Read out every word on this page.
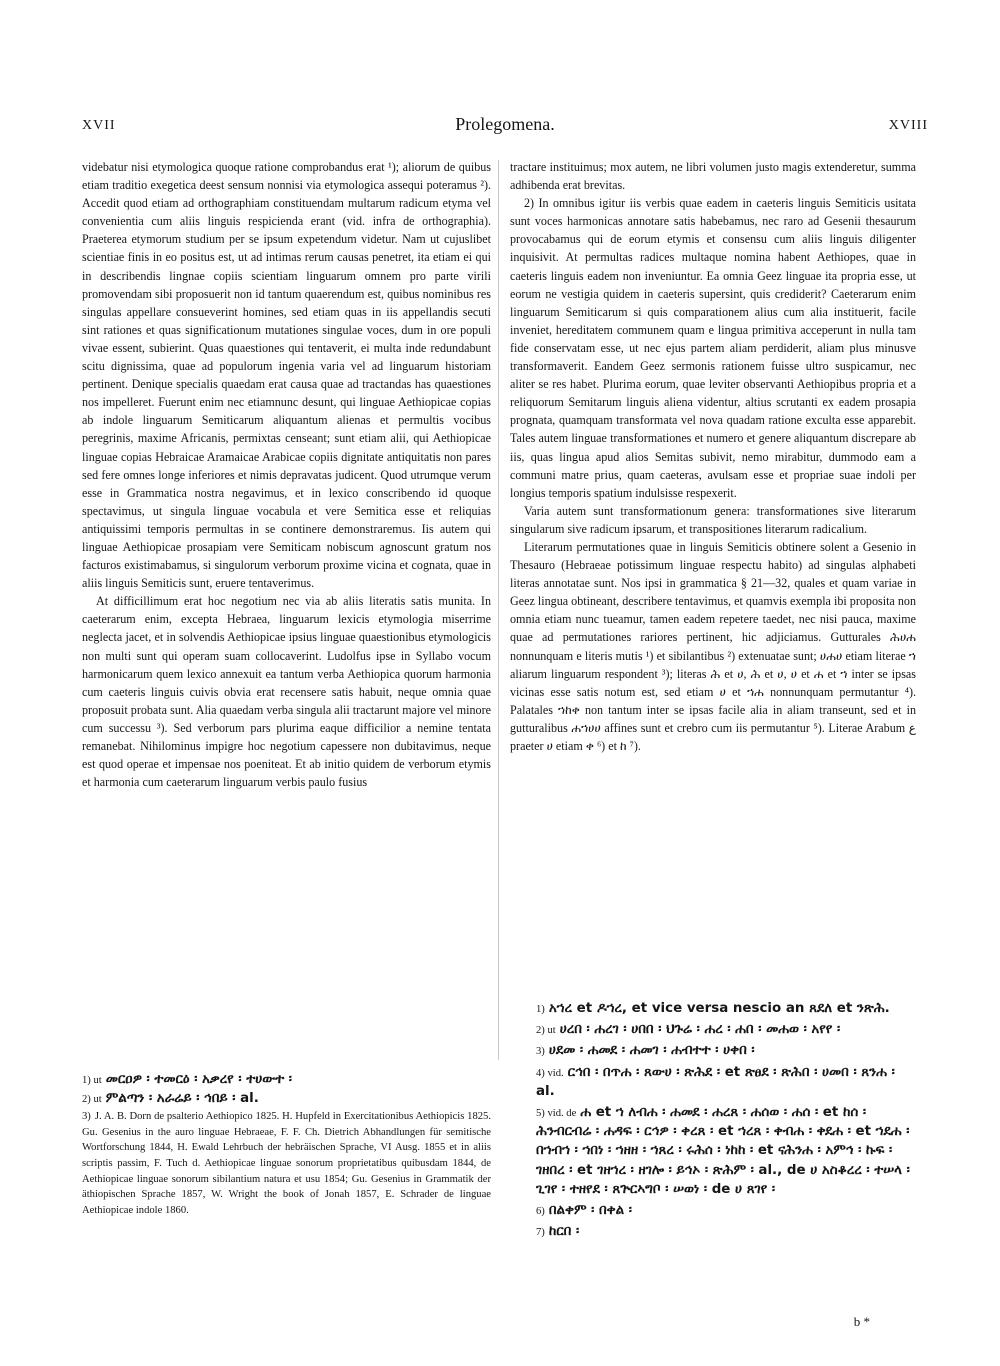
XVII	Prolegomena.	XVIII

videbatur nisi etymologica quoque ratione comprobandus erat ¹); aliorum de quibus etiam traditio exegetica deest sensum nonnisi via etymologica assequi poteramus ²). Accedit quod etiam ad orthographiam constituendam multarum radicum etyma vel convenientia cum aliis linguis respicienda erant (vid. infra de orthographia). Praeterea etymorum studium per se ipsum expetendum videtur. Nam ut cujuslibet scientiae finis in eo positus est, ut ad intimas rerum causas penetret, ita etiam ei qui in describendis lingnae copiis scientiam linguarum omnem pro parte virili promovendam sibi proposuerit non id tantum quaerendum est, quibus nominibus res singulas appellare consueverint homines, sed etiam quas in iis appellandis secuti sint rationes et quas significationum mutationes singulae voces, dum in ore populi vivae essent, subierint. Quas quaestiones qui tentaverit, ei multa inde redundabunt scitu dignissima, quae ad populorum ingenia varia vel ad linguarum historiam pertinent. Denique specialis quaedam erat causa quae ad tractandas has quaestiones nos impelleret. Fuerunt enim nec etiamnunc desunt, qui linguae Aethiopicae copias ab indole linguarum Semiticarum aliquantum alienas et permultis vocibus peregrinis, maxime Africanis, permixtas censeant; sunt etiam alii, qui Aethiopicae linguae copias Hebraicae Aramaicae Arabicae copiis dignitate antiquitatis non pares sed fere omnes longe inferiores et nimis depravatas judicent. Quod utrumque verum esse in Grammatica nostra negavimus, et in lexico conscribendo id quoque spectavimus, ut singula linguae vocabula et vere Semitica esse et reliquias antiquissimi temporis permultas in se continere demonstraremus. Iis autem qui linguae Aethiopicae prosapiam vere Semiticam nobiscum agnoscunt gratum nos facturos existimabamus, si singulorum verborum proxime vicina et cognata, quae in aliis linguis Semiticis sunt, eruere tentaverimus.

At difficillimum erat hoc negotium nec via ab aliis literatis satis munita. In caeterarum enim, excepta Hebraea, linguarum lexicis etymologia miserrime neglecta jacet, et in solvendis Aethiopicae ipsius linguae quaestionibus etymologicis non multi sunt qui operam suam collocaverint. Ludolfus ipse in Syllabo vocum harmonicarum quem lexico annexuit ea tantum verba Aethiopica quorum harmonia cum caeteris linguis cuivis obvia erat recensere satis habuit, neque omnia quae proposuit probata sunt. Alia quaedam verba singula alii tractarunt majore vel minore cum successu ³). Sed verborum pars plurima eaque difficilior a nemine tentata remanebat. Nihilominus impigre hoc negotium capessere non dubitavimus, neque est quod operae et impensae nos poeniteat. Et ab initio quidem de verborum etymis et harmonia cum caeterarum linguarum verbis paulo fusius

tractare instituimus; mox autem, ne libri volumen justo magis extenderetur, summa adhibenda erat brevitas.

2) In omnibus igitur iis verbis quae eadem in caeteris linguis Semiticis usitata sunt voces harmonicas annotare satis habebamus, nec raro ad Gesenii thesaurum provocabamus qui de eorum etymis et consensu cum aliis linguis diligenter inquisivit. At permultas radices multaque nomina habent Aethiopes, quae in caeteris linguis eadem non inveniuntur. Ea omnia Geez linguae ita propria esse, ut eorum ne vestigia quidem in caeteris supersint, quis crediderit? Caeterarum enim linguarum Semiticarum si quis comparationem alius cum alia instituerit, facile inveniet, hereditatem communem quam e lingua primitiva acceperunt in nulla tam fide conservatam esse, ut nec ejus partem aliam perdiderit, aliam plus minusve transformaverit. Eandem Geez sermonis rationem fuisse ultro suspicamur, nec aliter se res habet. Plurima eorum, quae leviter observanti Aethiopibus propria et a reliquorum Semitarum linguis aliena videntur, altius scrutanti ex eadem prosapia prognata, quamquam transformata vel nova quadam ratione exculta esse apparebit. Tales autem linguae transformationes et numero et genere aliquantum discrepare ab iis, quas lingua apud alios Semitas subivit, nemo mirabitur, dummodo eam a communi matre prius, quam caeteras, avulsam esse et propriae suae indoli per longius temporis spatium indulsisse respexerit.

Varia autem sunt transformationum genera: transformationes sive literarum singularum sive radicum ipsarum, et transpositiones literarum radicalium.

Literarum permutationes quae in linguis Semiticis obtinere solent a Gesenio in Thesauro (Hebraeae potissimum linguae respectu habito) ad singulas alphabeti literas annotatae sunt. Nos ipsi in grammatica § 21—32, quales et quam variae in Geez lingua obtineant, describere tentavimus, et quamvis exempla ibi proposita non omnia etiam nunc tueamur, tamen eadem repetere taedet, nec nisi pauca, maxime quae ad permutationes rariores pertinent, hic adjiciamus. Gutturales ሕሀሐ nonnunquam e literis mutis ¹) et sibilantibus ²) extenuatae sunt; ሀሐሀ etiam literae ኀ aliarum linguarum respondent ³); literas ሕ et ሀ, ሕ et ሀ, ሀ et ሐ et ኀ inter se ipsas vicinas esse satis notum est, sed etiam ሀ et ኀሐ nonnunquam permutantur ⁴). Palatales ኀከቀ non tantum inter se ipsas facile alia in aliam transeunt, sed et in gutturalibus ሐኀሀሀ affines sunt et crebro cum iis permutantur ⁵). Literae Arabum ع praeter ሀ etiam ቀ ⁶) et ከ ⁷).

1) ut መርዐዎ ፡ ተመርዕ ፡ አቃረየ ፡ ተሀውተ ፡

2) ut ምልጣን ፡ አራሬይ ፡ ኅበይ ፡ al.

3) J. A. B. Dorn de psalterio Aethiopico 1825. H. Hupfeld in Exercitationibus Aethiopicis 1825. Gu. Gesenius in the auro linguae Hebraeae, F. F. Ch. Dietrich Abhandlungen für semitische Wortforschung 1844, H. Ewald Lehrbuch der hebräischen Sprache, VI Ausg. 1855 et in aliis scriptis passim, F. Tuch d. Aethiopicae linguae sonorum proprietatibus quibusdam 1844, de Aethiopicae linguae sonorum sibilantium natura et usu 1854; Gu. Gesenius in Grammatik der äthiopischen Sprache 1857, W. Wright the book of Jonah 1857, E. Schrader de linguae Aethiopicae indole 1860.

1) አኀረ et ዶኀረ, et vice versa nescio an ጸደለ et ንጽሕ.

2) ut ሀረበ ፡ ሐረገ ፡ ሀበበ ፡ ህጉሬ ፡ ሐረ ፡ ሐበ ፡ መሐወ ፡ አየየ ፡

3) ሀደመ ፡ ሐመደ ፡ ሐመገ ፡ ሐብተተ ፡ ሀቀበ ፡

4) vid. ርኅበ ፡ በጥሐ ፡ ጸውሀ ፡ ጽሕደ ፡ et ጽፀደ ፡ ጽሕበ ፡ ሀመበ ፡ ጸንሐ ፡ al.

5) vid. de ሐ et ኀ ለብሐ ፡ ሐመደ ፡ ሐረጸ ፡ ሐሰወ ፡ ሐሰ ፡ et ከሰ ፡ ሕንብርብሬ ፡ ሐዳፍ ፡ ርኅዎ ፡ ቀረጸ ፡ et ኀረጸ ፡ ቀብሐ ፡ ቀደሐ ፡ et ኀደሐ ፡ በኀብኀ ፡ ኀበነ ፡ ኀዘዘ ፡ ኀጸረ ፡ ሩሕሰ ፡ ነከከ ፡ et ናሕንሐ ፡ አምኅ ፡ ኩፍ ፡ ገዘበረ ፡ et ገዘኀረ ፡ ዘገሎ ፡ ይኅኦ ፡ ጽሕም ፡ al., de ሀ አስቆረረ ፡ ተሠላ ፡ ጊገየ ፡ ተዘየደ ፡ ጸጕርኣግቦ ፡ ሠወነ ፡ de ሀ ጸገየ ፡

6) በልቀም ፡ በቀል ፡

7) ከርበ ፡

b *
